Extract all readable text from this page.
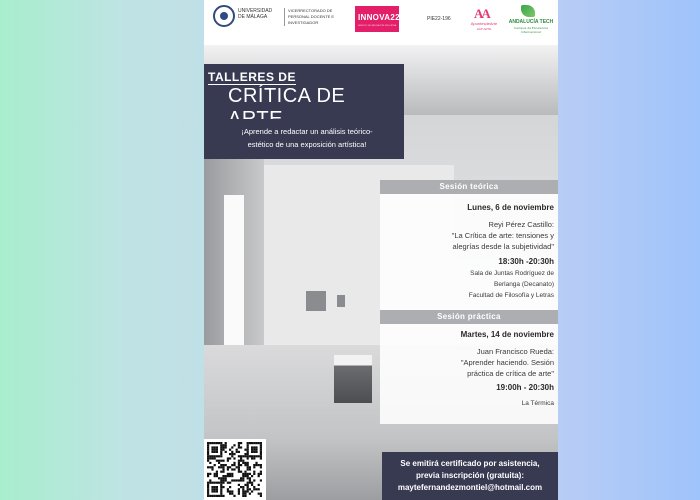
UNIVERSIDAD DE MÁLAGA
VICERRECTORADO DE PERSONAL DOCENTE E INVESTIGADOR
INNOVA22
SERVICIO DE INNOVACIÓN EDUCATIVA
PIE22-196 AA
ApuntesdeArte
AAP ARTE
ANDALUCÍA TECH
Campus de Excelencia Internacional
TALLERES DE
CRÍTICA DE
¡Aprende a redactar un análisis teórico-
estético de una exposición artística!
Sesión teórica
Lunes, 6 de noviembre
Reyi Pérez Castillo:
"La Crítica de arte: tensiones y
alegrías desde la subjetividad"
18:30h -20:30h
Sala de Juntas Rodríguez de
Berlanga (Decanato)
Facultad de Filosofía y Letras
Sesión práctica
Martes, 14 de noviembre
Juan Francisco Rueda:
"Aprender haciendo. Sesión
práctica de crítica de arte"
19:00h - 20:30h
La Térmica
Se emitirá certificado por asistencia,
previa inscripción (gratuita):
maytefernandezmontiel@hotmail.com
